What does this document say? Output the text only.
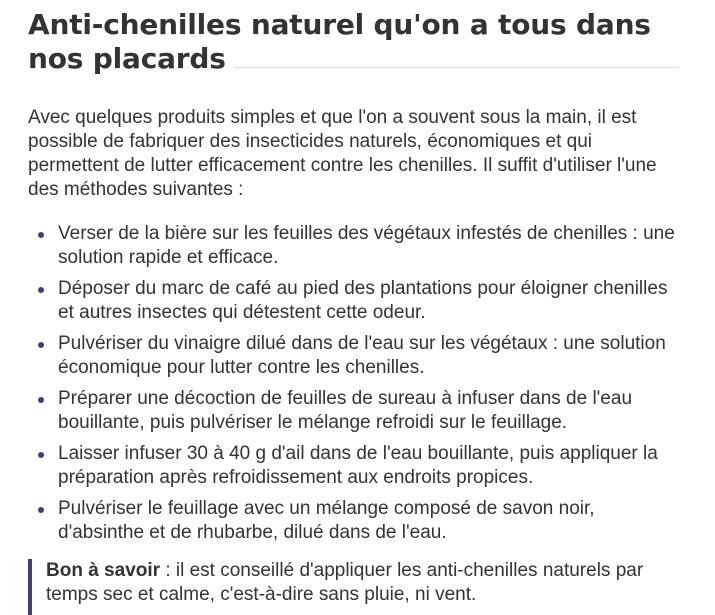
Anti-chenilles naturel qu'on a tous dans nos placards

Avec quelques produits simples et que l'on a souvent sous la main, il est possible de fabriquer des insecticides naturels, économiques et qui permettent de lutter efficacement contre les chenilles. Il suffit d'utiliser l'une des méthodes suivantes :

Verser de la bière sur les feuilles des végétaux infestés de chenilles : une solution rapide et efficace.
Déposer du marc de café au pied des plantations pour éloigner chenilles et autres insectes qui détestent cette odeur.
Pulvériser du vinaigre dilué dans de l'eau sur les végétaux : une solution économique pour lutter contre les chenilles.
Préparer une décoction de feuilles de sureau à infuser dans de l'eau bouillante, puis pulvériser le mélange refroidi sur le feuillage.
Laisser infuser 30 à 40 g d'ail dans de l'eau bouillante, puis appliquer la préparation après refroidissement aux endroits propices.
Pulvériser le feuillage avec un mélange composé de savon noir, d'absinthe et de rhubarbe, dilué dans de l'eau.
Bon à savoir : il est conseillé d'appliquer les anti-chenilles naturels par temps sec et calme, c'est-à-dire sans pluie, ni vent.
